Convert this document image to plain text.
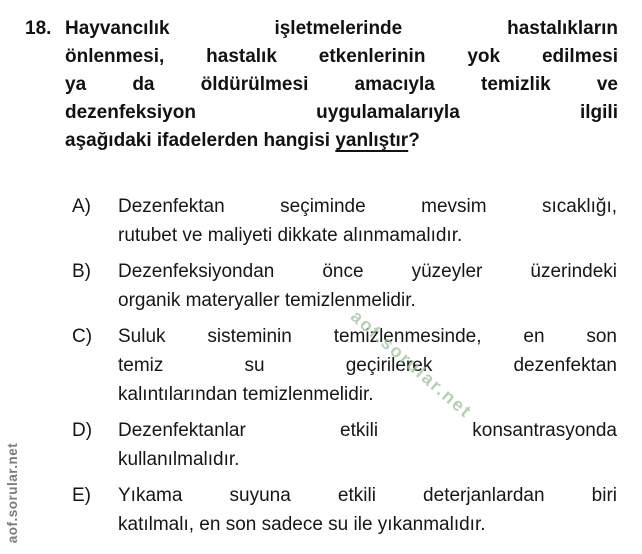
aof.sorular.net
aof.sorular.net
18. Hayvancılık işletmelerinde hastalıkların
önlenmesi, hastalık etkenlerinin yok edilmesi
ya da öldürülmesi amacıyla temizlik ve
dezenfeksiyon uygulamalarıyla ilgili
aşağıdaki ifadelerden hangisi yanlıştır?
A)	Dezenfektan seçiminde mevsim sıcaklığı,
rutubet ve maliyeti dikkate alınmamalıdır.
B)	Dezenfeksiyondan önce yüzeyler üzerindeki
organik materyaller temizlenmelidir.
C)	Suluk sisteminin temizlenmesinde, en son
temiz su geçirilerek dezenfektan
kalıntılarından temizlenmelidir.
D)	Dezenfektanlar etkili konsantrasyonda
kullanılmalıdır.
E)	Yıkama suyuna etkili deterjanlardan biri
katılmalı, en son sadece su ile yıkanmalıdır.
